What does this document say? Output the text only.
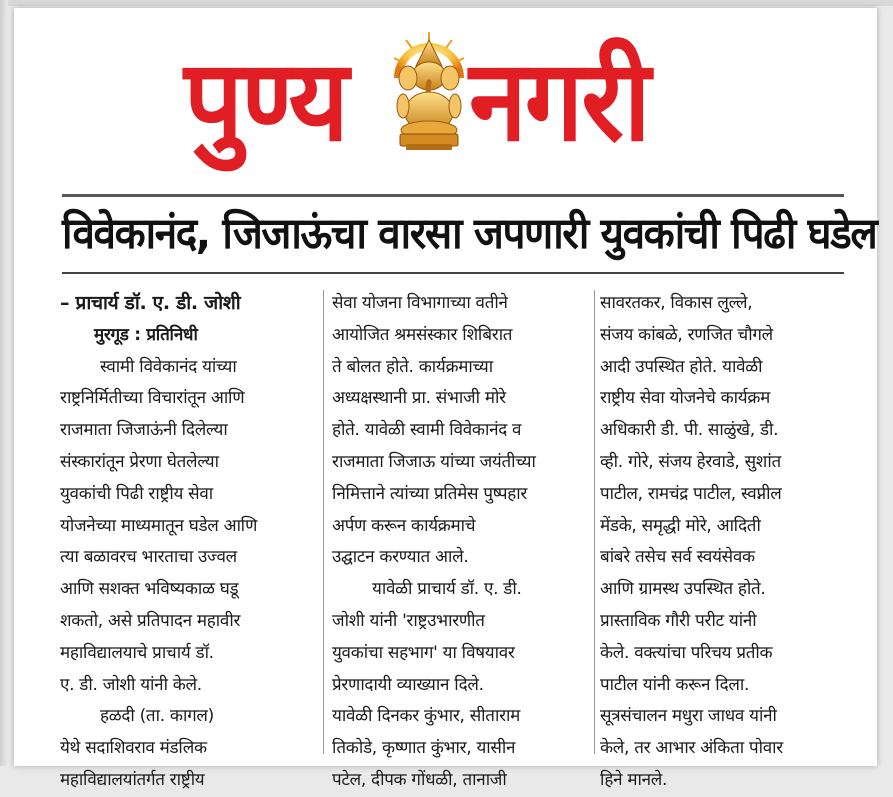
पुण्य नगरी
विवेकानंद, जिजाऊंचा वारसा जपणारी युवकांची पिढी घडेल

– प्राचार्य डॉ. ए. डी. जोशी

मुरगूड : प्रतिनिधी

स्वामी विवेकानंद यांच्या

राष्ट्रनिर्मितीच्या विचारांतून आणि

राजमाता जिजाऊंनी दिलेल्या

संस्कारांतून प्रेरणा घेतलेल्या

युवकांची पिढी राष्ट्रीय सेवा

योजनेच्या माध्यमातून घडेल आणि

त्या बळावरच भारताचा उज्वल

आणि सशक्त भविष्यकाळ घडू

शकतो, असे प्रतिपादन महावीर

महाविद्यालयाचे प्राचार्य डॉ.

ए. डी. जोशी यांनी केले.

हळदी (ता. कागल)

येथे सदाशिवराव मंडलिक

महाविद्यालयांतर्गत राष्ट्रीय

सेवा योजना विभागाच्या वतीने

आयोजित श्रमसंस्कार शिबिरात

ते बोलत होते. कार्यक्रमाच्या

अध्यक्षस्थानी प्रा. संभाजी मोरे

होते. यावेळी स्वामी विवेकानंद व

राजमाता जिजाऊ यांच्या जयंतीच्या

निमित्ताने त्यांच्या प्रतिमेस पुष्पहार

अर्पण करून कार्यक्रमाचे

उद्घाटन करण्यात आले.

यावेळी प्राचार्य डॉ. ए. डी.

जोशी यांनी 'राष्ट्रउभारणीत

युवकांचा सहभाग' या विषयावर

प्रेरणादायी व्याख्यान दिले.

यावेळी दिनकर कुंभार, सीताराम

तिकोडे, कृष्णात कुंभार, यासीन

पटेल, दीपक गोंधळी, तानाजी

सावरतकर, विकास लुल्ले,

संजय कांबळे, रणजित चौगले

आदी उपस्थित होते. यावेळी

राष्ट्रीय सेवा योजनेचे कार्यक्रम

अधिकारी डी. पी. साळुंखे, डी.

व्ही. गोरे, संजय हेरवाडे, सुशांत

पाटील, रामचंद्र पाटील, स्वप्नील

मेंडके, समृद्धी मोरे, आदिती

बांबरे तसेच सर्व स्वयंसेवक

आणि ग्रामस्थ उपस्थित होते.

प्रास्ताविक गौरी परीट यांनी

केले. वक्त्यांचा परिचय प्रतीक

पाटील यांनी करून दिला.

सूत्रसंचालन मधुरा जाधव यांनी

केले, तर आभार अंकिता पोवार

हिने मानले.
